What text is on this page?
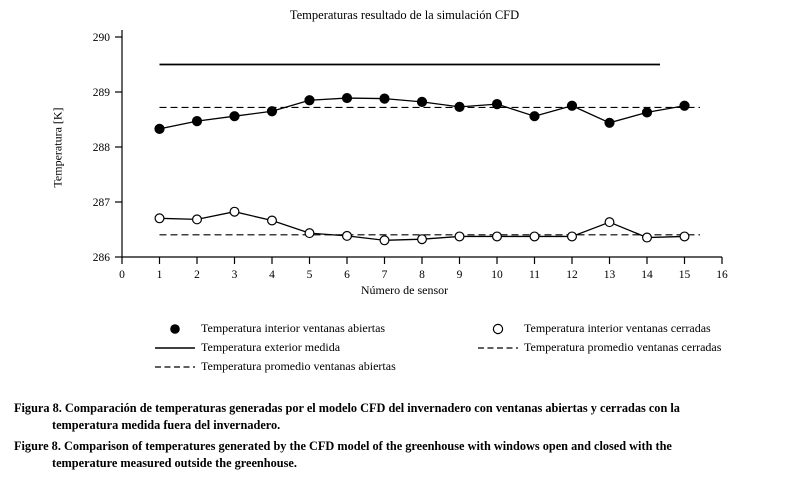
Temperaturas resultado de la simulación CFD
290
289
288
287
286
0	1	2	3	4	5	6	7	8	9	10 11 12 13 14 15 16
Temperatura [K]
Número de sensor
Temperatura interior ventanas abiertas
Temperatura exterior medida
Temperatura promedio ventanas abiertas
Temperatura interior ventanas cerradas
Temperatura promedio ventanas cerradas
Figura 8. Comparación de temperaturas generadas por el modelo CFD del invernadero con ventanas abiertas y cerradas con la
temperatura medida fuera del invernadero.
Figure 8. Comparison of temperatures generated by the CFD model of the greenhouse with windows open and closed with the
temperature measured outside the greenhouse.
